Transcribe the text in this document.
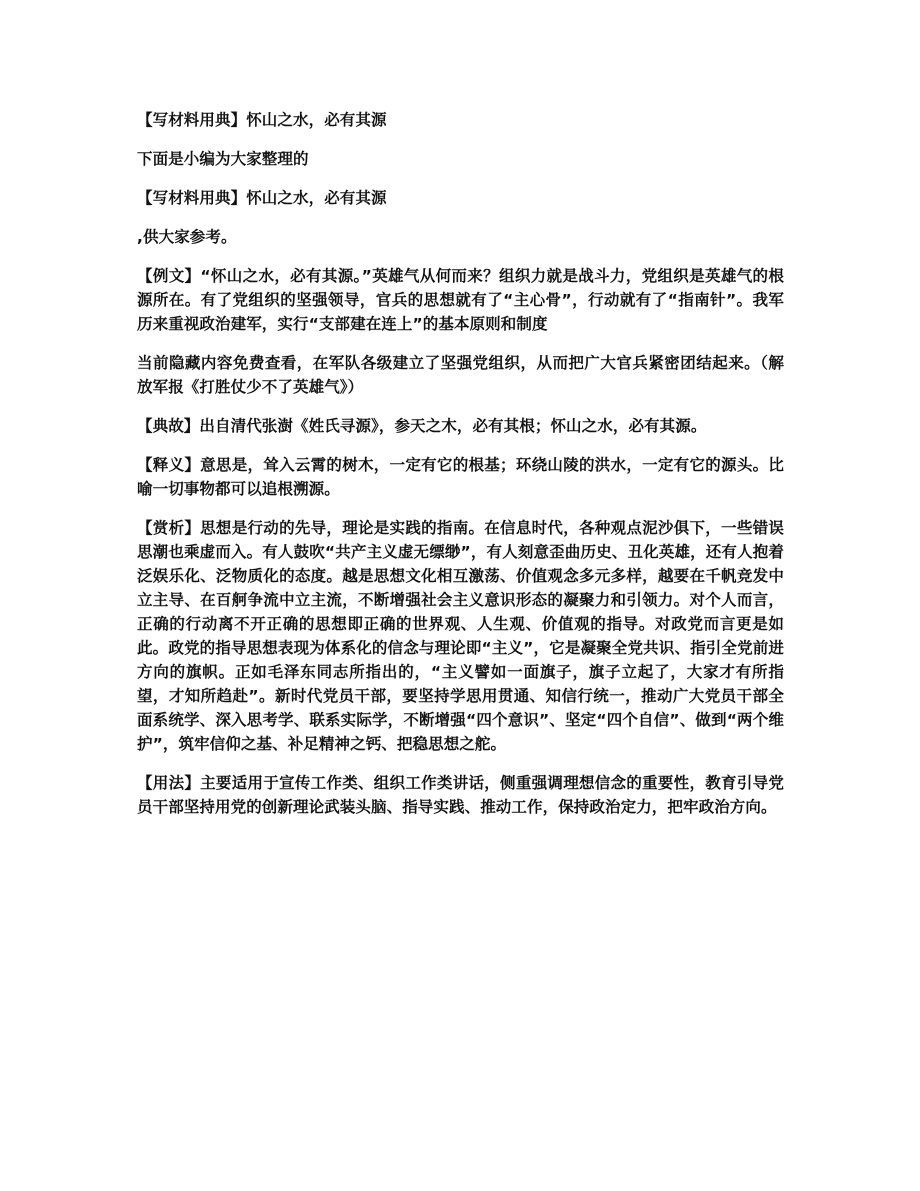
【写材料用典】怀山之水，必有其源

下面是小编为大家整理的

【写材料用典】怀山之水，必有其源

,供大家参考。

【例文】“怀山之水，必有其源。”英雄气从何而来？组织力就是战斗力，党组织是英雄气的根源所在。有了党组织的坚强领导，官兵的思想就有了“主心骨”，行动就有了“指南针”。我军历来重视政治建军，实行“支部建在连上”的基本原则和制度

当前隐藏内容免费查看，在军队各级建立了坚强党组织，从而把广大官兵紧密团结起来。（解放军报《打胜仗少不了英雄气》）

【典故】出自清代张澍《姓氏寻源》，参天之木，必有其根；怀山之水，必有其源。

【释义】意思是，耸入云霄的树木，一定有它的根基；环绕山陵的洪水，一定有它的源头。比喻一切事物都可以追根溯源。

【赏析】思想是行动的先导，理论是实践的指南。在信息时代，各种观点泥沙俱下，一些错误思潮也乘虚而入。有人鼓吹“共产主义虚无缥缈”，有人刻意歪曲历史、丑化英雄，还有人抱着泛娱乐化、泛物质化的态度。越是思想文化相互激荡、价值观念多元多样，越要在千帆竞发中立主导、在百舸争流中立主流，不断增强社会主义意识形态的凝聚力和引领力。对个人而言，正确的行动离不开正确的思想即正确的世界观、人生观、价值观的指导。对政党而言更是如此。政党的指导思想表现为体系化的信念与理论即“主义”，它是凝聚全党共识、指引全党前进方向的旗帜。正如毛泽东同志所指出的，“主义譬如一面旗子，旗子立起了，大家才有所指望，才知所趋赴”。新时代党员干部，要坚持学思用贯通、知信行统一，推动广大党员干部全面系统学、深入思考学、联系实际学，不断增强“四个意识”、坚定“四个自信”、做到“两个维护”，筑牢信仰之基、补足精神之钙、把稳思想之舵。

【用法】主要适用于宣传工作类、组织工作类讲话，侧重强调理想信念的重要性，教育引导党员干部坚持用党的创新理论武装头脑、指导实践、推动工作，保持政治定力，把牢政治方向。
